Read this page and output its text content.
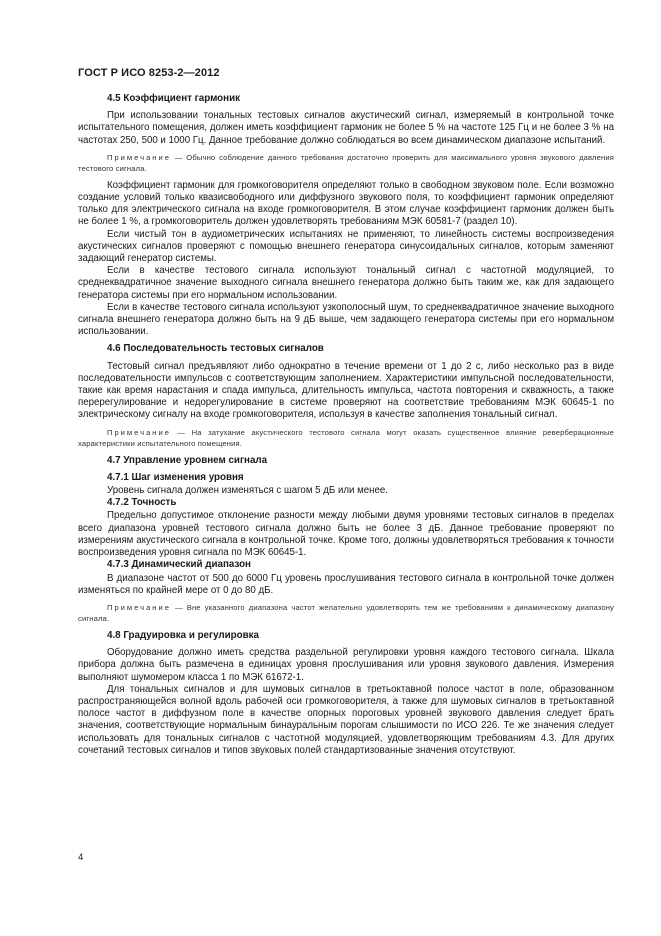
ГОСТ Р ИСО 8253-2—2012
4.5 Коэффициент гармоник

При использовании тональных тестовых сигналов акустический сигнал, измеряемый в контрольной точке испытательного помещения, должен иметь коэффициент гармоник не более 5 % на частоте 125 Гц и не более 3 % на частотах 250, 500 и 1000 Гц. Данное требование должно соблюдаться во всем динамическом диапазоне испытаний.

Примечание — Обычно соблюдение данного требования достаточно проверить для максимального уровня звукового давления тестового сигнала.

Коэффициент гармоник для громкоговорителя определяют только в свободном звуковом поле. Если возможно создание условий только квазисвободного или диффузного звукового поля, то коэффициент гармоник определяют только для электрического сигнала на входе громкоговорителя. В этом случае коэффициент гармоник должен быть не более 1 %, а громкоговоритель должен удовлетворять требованиям МЭК 60581-7 (раздел 10).

Если чистый тон в аудиометрических испытаниях не применяют, то линейность системы воспроизведения акустических сигналов проверяют с помощью внешнего генератора синусоидальных сигналов, которым заменяют задающий генератор системы.

Если в качестве тестового сигнала используют тональный сигнал с частотной модуляцией, то среднеквадратичное значение выходного сигнала внешнего генератора должно быть таким же, как для задающего генератора системы при его нормальном использовании.

Если в качестве тестового сигнала используют узкополосный шум, то среднеквадратичное значение выходного сигнала внешнего генератора должно быть на 9 дБ выше, чем задающего генератора системы при его нормальном использовании.

4.6 Последовательность тестовых сигналов

Тестовый сигнал предъявляют либо однократно в течение времени от 1 до 2 с, либо несколько раз в виде последовательности импульсов с соответствующим заполнением. Характеристики импульсной последовательности, такие как время нарастания и спада импульса, длительность импульса, частота повторения и скважность, а также перерегулирование и недорегулирование в системе проверяют на соответствие требованиям МЭК 60645-1 по электрическому сигналу на входе громкоговорителя, используя в качестве заполнения тональный сигнал.

Примечание — На затухание акустического тестового сигнала могут оказать существенное влияние реверберационные характеристики испытательного помещения.

4.7 Управление уровнем сигнала
4.7.1 Шаг изменения уровня

Уровень сигнала должен изменяться с шагом 5 дБ или менее.

4.7.2 Точность

Предельно допустимое отклонение разности между любыми двумя уровнями тестовых сигналов в пределах всего диапазона уровней тестового сигнала должно быть не более 3 дБ. Данное требование проверяют по измерениям акустического сигнала в контрольной точке. Кроме того, должны удовлетворяться требования к точности воспроизведения уровня сигнала по МЭК 60645-1.

4.7.3 Динамический диапазон

В диапазоне частот от 500 до 6000 Гц уровень прослушивания тестового сигнала в контрольной точке должен изменяться по крайней мере от 0 до 80 дБ.

Примечание — Вне указанного диапазона частот желательно удовлетворять тем же требованиям к динамическому диапазону сигнала.

4.8 Градуировка и регулировка

Оборудование должно иметь средства раздельной регулировки уровня каждого тестового сигнала. Шкала прибора должна быть размечена в единицах уровня прослушивания или уровня звукового давления. Измерения выполняют шумомером класса 1 по МЭК 61672-1.

Для тональных сигналов и для шумовых сигналов в третьоктавной полосе частот в поле, образованном распространяющейся волной вдоль рабочей оси громкоговорителя, а также для шумовых сигналов в третьоктавной полосе частот в диффузном поле в качестве опорных пороговых уровней звукового давления следует брать значения, соответствующие нормальным бинауральным порогам слышимости по ИСО 226. Те же значения следует использовать для тональных сигналов с частотной модуляцией, удовлетворяющим требованиям 4.3. Для других сочетаний тестовых сигналов и типов звуковых полей стандартизованные значения отсутствуют.

4
